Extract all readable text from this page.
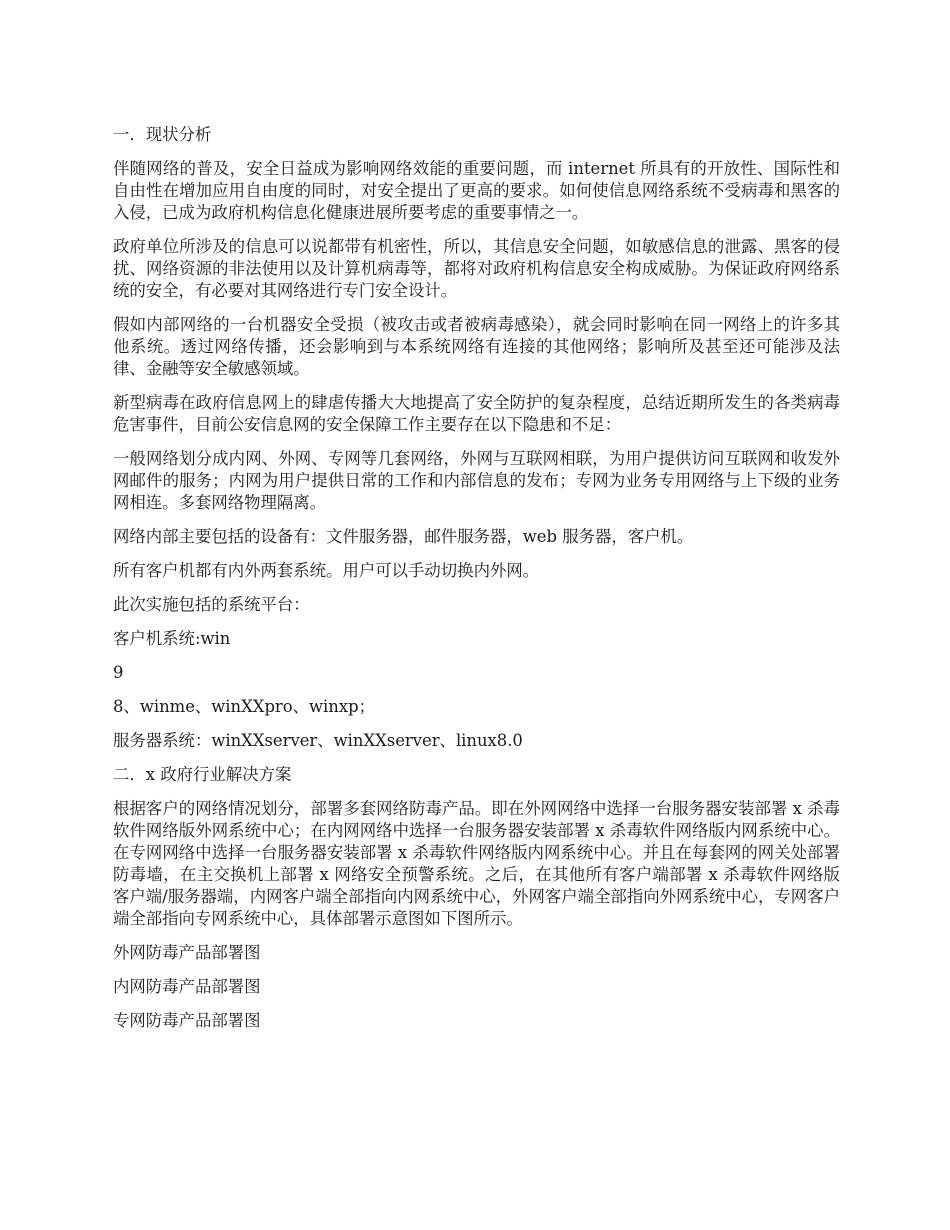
一．现状分析

伴随网络的普及，安全日益成为影响网络效能的重要问题，而 internet 所具有的开放性、国际性和自由性在增加应用自由度的同时，对安全提出了更高的要求。如何使信息网络系统不受病毒和黑客的入侵，已成为政府机构信息化健康进展所要考虑的重要事情之一。

政府单位所涉及的信息可以说都带有机密性，所以，其信息安全问题，如敏感信息的泄露、黑客的侵扰、网络资源的非法使用以及计算机病毒等，都将对政府机构信息安全构成威胁。为保证政府网络系统的安全，有必要对其网络进行专门安全设计。

假如内部网络的一台机器安全受损（被攻击或者被病毒感染），就会同时影响在同一网络上的许多其他系统。透过网络传播，还会影响到与本系统网络有连接的其他网络；影响所及甚至还可能涉及法律、金融等安全敏感领域。

新型病毒在政府信息网上的肆虐传播大大地提高了安全防护的复杂程度，总结近期所发生的各类病毒危害事件，目前公安信息网的安全保障工作主要存在以下隐患和不足：

一般网络划分成内网、外网、专网等几套网络，外网与互联网相联，为用户提供访问互联网和收发外网邮件的服务；内网为用户提供日常的工作和内部信息的发布；专网为业务专用网络与上下级的业务网相连。多套网络物理隔离。

网络内部主要包括的设备有：文件服务器，邮件服务器，web 服务器，客户机。

所有客户机都有内外两套系统。用户可以手动切换内外网。

此次实施包括的系统平台：

客户机系统:win

9

8、winme、winXXpro、winxp；

服务器系统：winXXserver、winXXserver、linux8.0

二．x 政府行业解决方案

根据客户的网络情况划分，部署多套网络防毒产品。即在外网网络中选择一台服务器安装部署 x 杀毒软件网络版外网系统中心；在内网网络中选择一台服务器安装部署 x 杀毒软件网络版内网系统中心。在专网网络中选择一台服务器安装部署 x 杀毒软件网络版内网系统中心。并且在每套网的网关处部署防毒墙，在主交换机上部署 x 网络安全预警系统。之后，在其他所有客户端部署 x 杀毒软件网络版客户端/服务器端，内网客户端全部指向内网系统中心，外网客户端全部指向外网系统中心，专网客户端全部指向专网系统中心，具体部署示意图如下图所示。

外网防毒产品部署图

内网防毒产品部署图

专网防毒产品部署图
